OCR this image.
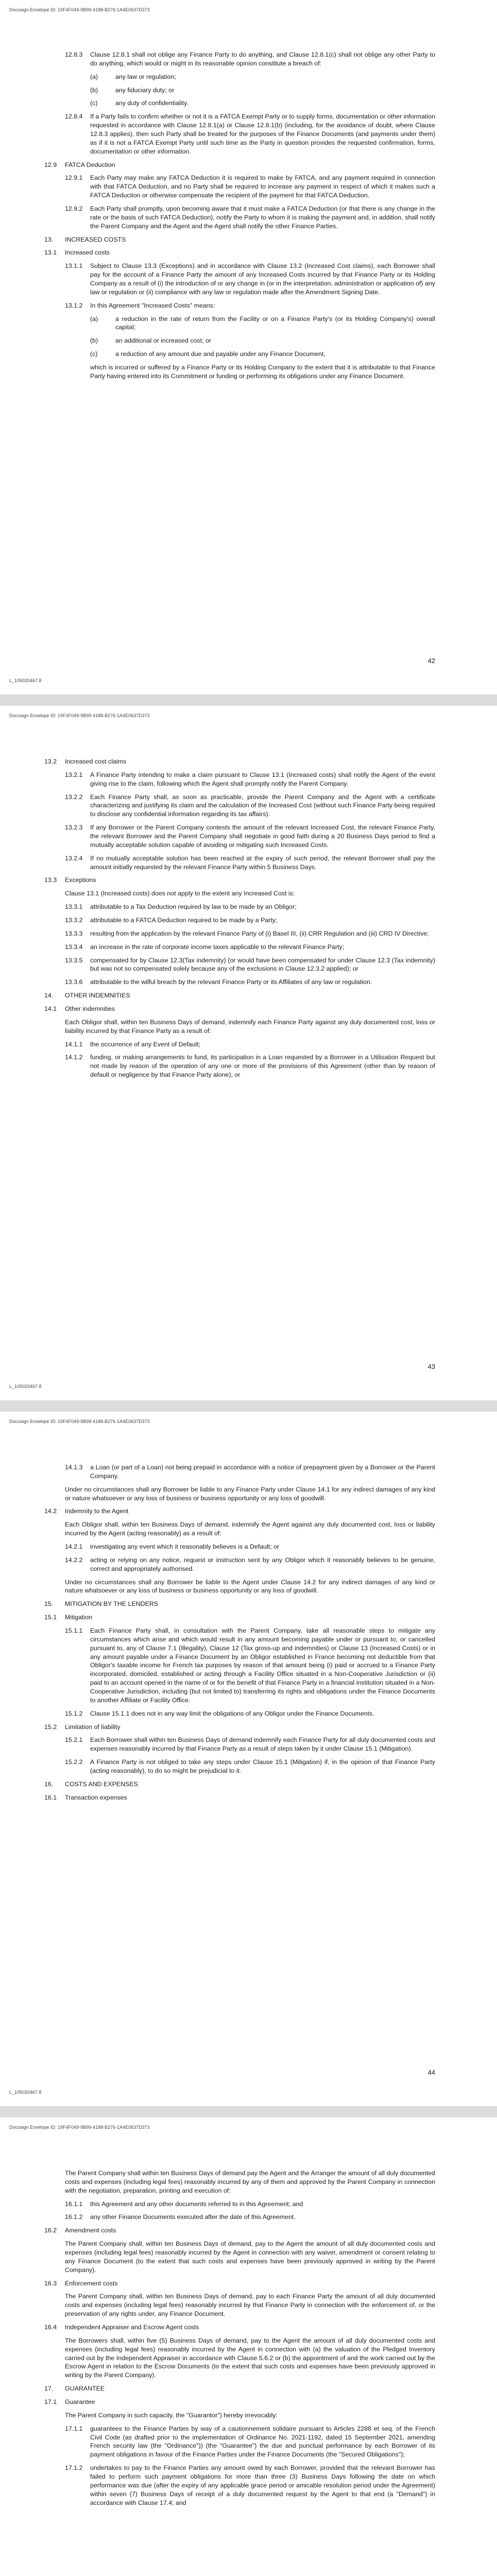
Docusign Envelope ID: 19F4F049-9B99-4188-B276-1A4E0637D373
12.8.3	Clause 12.8.1 shall not oblige any Finance Party to do anything, and Clause 12.8.1(c) shall not oblige any other Party to do anything, which would or might in its reasonable opinion constitute a breach of:
(a)	any law or regulation;
(b)	any fiduciary duty; or
(c)	any duty of confidentiality.
12.8.4	If a Party fails to confirm whether or not it is a FATCA Exempt Party or to supply forms, documentation or other information requested in accordance with Clause 12.8.1(a) or Clause 12.8.1(b) (including, for the avoidance of doubt, where Clause 12.8.3 applies), then such Party shall be treated for the purposes of the Finance Documents (and payments under them) as if it is not a FATCA Exempt Party until such time as the Party in question provides the requested confirmation, forms, documentation or other information.
12.9	FATCA Deduction
12.9.1	Each Party may make any FATCA Deduction it is required to make by FATCA, and any payment required in connection with that FATCA Deduction, and no Party shall be required to increase any payment in respect of which it makes such a FATCA Deduction or otherwise compensate the recipient of the payment for that FATCA Deduction.
12.9.2	Each Party shall promptly, upon becoming aware that it must make a FATCA Deduction (or that there is any change in the rate or the basis of such FATCA Deduction), notify the Party to whom it is making the payment and, in addition, shall notify the Parent Company and the Agent and the Agent shall notify the other Finance Parties.
13.	INCREASED COSTS
13.1	Increased costs
13.1.1	Subject to Clause 13.3 (Exceptions) and in accordance with Clause 13.2 (Increased Cost claims), each Borrower shall pay for the account of a Finance Party the amount of any Increased Costs incurred by that Finance Party or its Holding Company as a result of (i) the introduction of or any change in (or in the interpretation, administration or application of) any law or regulation or (ii) compliance with any law or regulation made after the Amendment Signing Date.
13.1.2	In this Agreement "Increased Costs" means:
(a)	a reduction in the rate of return from the Facility or on a Finance Party's (or its Holding Company's) overall capital;
(b)	an additional or increased cost; or
(c)	a reduction of any amount due and payable under any Finance Document,
which is incurred or suffered by a Finance Party or its Holding Company to the extent that it is attributable to that Finance Party having entered into its Commitment or funding or performing its obligations under any Finance Document.
42
L_105020467.8
Docusign Envelope ID: 19F4F049-9B99-4188-B276-1A4E0637D373
13.2	Increased cost claims
13.2.1	A Finance Party intending to make a claim pursuant to Clause 13.1 (Increased costs) shall notify the Agent of the event giving rise to the claim, following which the Agent shall promptly notify the Parent Company.
13.2.2	Each Finance Party shall, as soon as practicable, provide the Parent Company and the Agent with a certificate characterizing and justifying its claim and the calculation of the Increased Cost (without such Finance Party being required to disclose any confidential information regarding its tax affairs).
13.2.3	If any Borrower or the Parent Company contests the amount of the relevant Increased Cost, the relevant Finance Party, the relevant Borrower and the Parent Company shall negotiate in good faith during a 20 Business Days period to find a mutually acceptable solution capable of avoiding or mitigating such Increased Costs.
13.2.4	If no mutually acceptable solution has been reached at the expiry of such period, the relevant Borrower shall pay the amount initially requested by the relevant Finance Party within 5 Business Days.
13.3	Exceptions
Clause 13.1 (Increased costs) does not apply to the extent any Increased Cost is:
13.3.1	attributable to a Tax Deduction required by law to be made by an Obligor;
13.3.2	attributable to a FATCA Deduction required to be made by a Party;
13.3.3	resulting from the application by the relevant Finance Party of (i) Basel III, (ii) CRR Regulation and (iii) CRD IV Directive;
13.3.4	an increase in the rate of corporate income taxes applicable to the relevant Finance Party;
13.3.5	compensated for by Clause 12.3(Tax indemnity) (or would have been compensated for under Clause 12.3 (Tax indemnity) but was not so compensated solely because any of the exclusions in Clause 12.3.2 applied); or
13.3.6	attributable to the wilful breach by the relevant Finance Party or its Affiliates of any law or regulation.
14.	OTHER INDEMNITIES
14.1	Other indemnities
Each Obligor shall, within ten Business Days of demand, indemnify each Finance Party against any duly documented cost, loss or liability incurred by that Finance Party as a result of:
14.1.1	the occurrence of any Event of Default;
14.1.2	funding, or making arrangements to fund, its participation in a Loan requested by a Borrower in a Utilisation Request but not made by reason of the operation of any one or more of the provisions of this Agreement (other than by reason of default or negligence by that Finance Party alone); or
43
L_105020467.8
Docusign Envelope ID: 19F4F049-9B99-4188-B276-1A4E0637D373
14.1.3	a Loan (or part of a Loan) not being prepaid in accordance with a notice of prepayment given by a Borrower or the Parent Company.
Under no circumstances shall any Borrower be liable to any Finance Party under Clause 14.1 for any indirect damages of any kind or nature whatsoever or any loss of business or business opportunity or any loss of goodwill.
14.2	Indemnity to the Agent
Each Obligor shall, within ten Business Days of demand, indemnify the Agent against any duly documented cost, loss or liability incurred by the Agent (acting reasonably) as a result of:
14.2.1	investigating any event which it reasonably believes is a Default; or
14.2.2	acting or relying on any notice, request or instruction sent by any Obligor which it reasonably believes to be genuine, correct and appropriately authorised.
Under no circumstances shall any Borrower be liable to the Agent under Clause 14.2 for any indirect damages of any kind or nature whatsoever or any loss of business or business opportunity or any loss of goodwill.
15.	MITIGATION BY THE LENDERS
15.1	Mitigation
15.1.1	Each Finance Party shall, in consultation with the Parent Company, take all reasonable steps to mitigate any circumstances which arise and which would result in any amount becoming payable under or pursuant to, or cancelled pursuant to, any of Clause 7.1 (Illegality), Clause 12 (Tax gross-up and indemnities) or Clause 13 (Increased Costs) or in any amount payable under a Finance Document by an Obligor established in France becoming not deductible from that Obligor's taxable income for French tax purposes by reason of that amount being (i) paid or accrued to a Finance Party incorporated, domiciled, established or acting through a Facility Office situated in a Non-Cooperative Jurisdiction or (ii) paid to an account opened in the name of or for the benefit of that Finance Party in a financial institution situated in a Non-Cooperative Jurisdiction, including (but not limited to) transferring its rights and obligations under the Finance Documents to another Affiliate or Facility Office.
15.1.2	Clause 15.1.1 does not in any way limit the obligations of any Obligor under the Finance Documents.
15.2	Limitation of liability
15.2.1	Each Borrower shall within ten Business Days of demand indemnify each Finance Party for all duly documented costs and expenses reasonably incurred by that Finance Party as a result of steps taken by it under Clause 15.1 (Mitigation).
15.2.2	A Finance Party is not obliged to take any steps under Clause 15.1 (Mitigation) if, in the opinion of that Finance Party (acting reasonably), to do so might be prejudicial to it.
16.	COSTS AND EXPENSES
16.1	Transaction expenses
44
L_105020467.8
Docusign Envelope ID: 19F4F049-9B99-4188-B276-1A4E0637D373
The Parent Company shall within ten Business Days of demand pay the Agent and the Arranger the amount of all duly documented costs and expenses (including legal fees) reasonably incurred by any of them and approved by the Parent Company in connection with the negotiation, preparation, printing and execution of:
16.1.1	this Agreement and any other documents referred to in this Agreement; and
16.1.2	any other Finance Documents executed after the date of this Agreement.
16.2	Amendment costs
The Parent Company shall, within ten Business Days of demand, pay to the Agent the amount of all duly documented costs and expenses (including legal fees) reasonably incurred by the Agent in connection with any waiver, amendment or consent relating to any Finance Document (to the extent that such costs and expenses have been previously approved in writing by the Parent Company).
16.3	Enforcement costs
The Parent Company shall, within ten Business Days of demand, pay to each Finance Party the amount of all duly documented costs and expenses (including legal fees) reasonably incurred by that Finance Party in connection with the enforcement of, or the preservation of any rights under, any Finance Document.
16.4	Independent Appraiser and Escrow Agent costs
The Borrowers shall, within five (5) Business Days of demand, pay to the Agent the amount of all duly documented costs and expenses (including legal fees) reasonably incurred by the Agent in connection with (a) the valuation of the Pledged Inventory carried out by the Independent Appraiser in accordance with Clause 5.6.2 or (b) the appointment of and the work carried out by the Escrow Agent in relation to the Escrow Documents (to the extent that such costs and expenses have been previously approved in writing by the Parent Company).
17.	GUARANTEE
17.1	Guarantee
The Parent Company in such capacity, the "Guarantor") hereby irrevocably:
17.1.1	guarantees to the Finance Parties by way of a cautionnement solidaire pursuant to Articles 2288 et seq. of the French Civil Code (as drafted prior to the implementation of Ordinance No. 2021-1192, dated 15 September 2021, amending French security law (the "Ordinance")) (the "Guarantee") the due and punctual performance by each Borrower of its payment obligations in favour of the Finance Parties under the Finance Documents (the "Secured Obligations");
17.1.2	undertakes to pay to the Finance Parties any amount owed by each Borrower, provided that the relevant Borrower has failed to perform such payment obligations for more than three (3) Business Days following the date on which performance was due (after the expiry of any applicable grace period or amicable resolution period under the Agreement) within seven (7) Business Days of receipt of a duly documented request by the Agent to that end (a "Demand") in accordance with Clause 17.4; and
